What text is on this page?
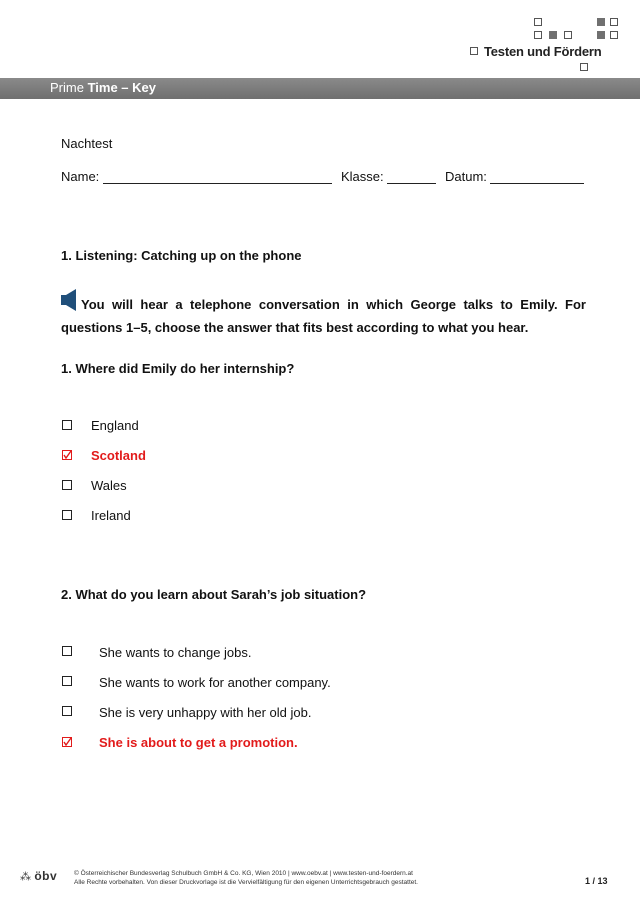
Testen und Fördern
Prime Time – Key
Nachtest
Name:	Klasse:	Datum:
1. Listening: Catching up on the phone
You will hear a telephone conversation in which George talks to Emily. For questions 1–5, choose the answer that fits best according to what you hear.
1. Where did Emily do her internship?
England
Scotland
Wales
Ireland
2. What do you learn about Sarah’s job situation?
She wants to change jobs.
She wants to work for another company.
She is very unhappy with her old job.
She is about to get a promotion.
⁂ öbv	© Österreichischer Bundesverlag Schulbuch GmbH & Co. KG, Wien 2010 | www.oebv.at | www.testen-und-foerdern.at
Alle Rechte vorbehalten. Von dieser Druckvorlage ist die Vervielfältigung für den eigenen Unterrichtsgebrauch gestattet.	1 / 13
